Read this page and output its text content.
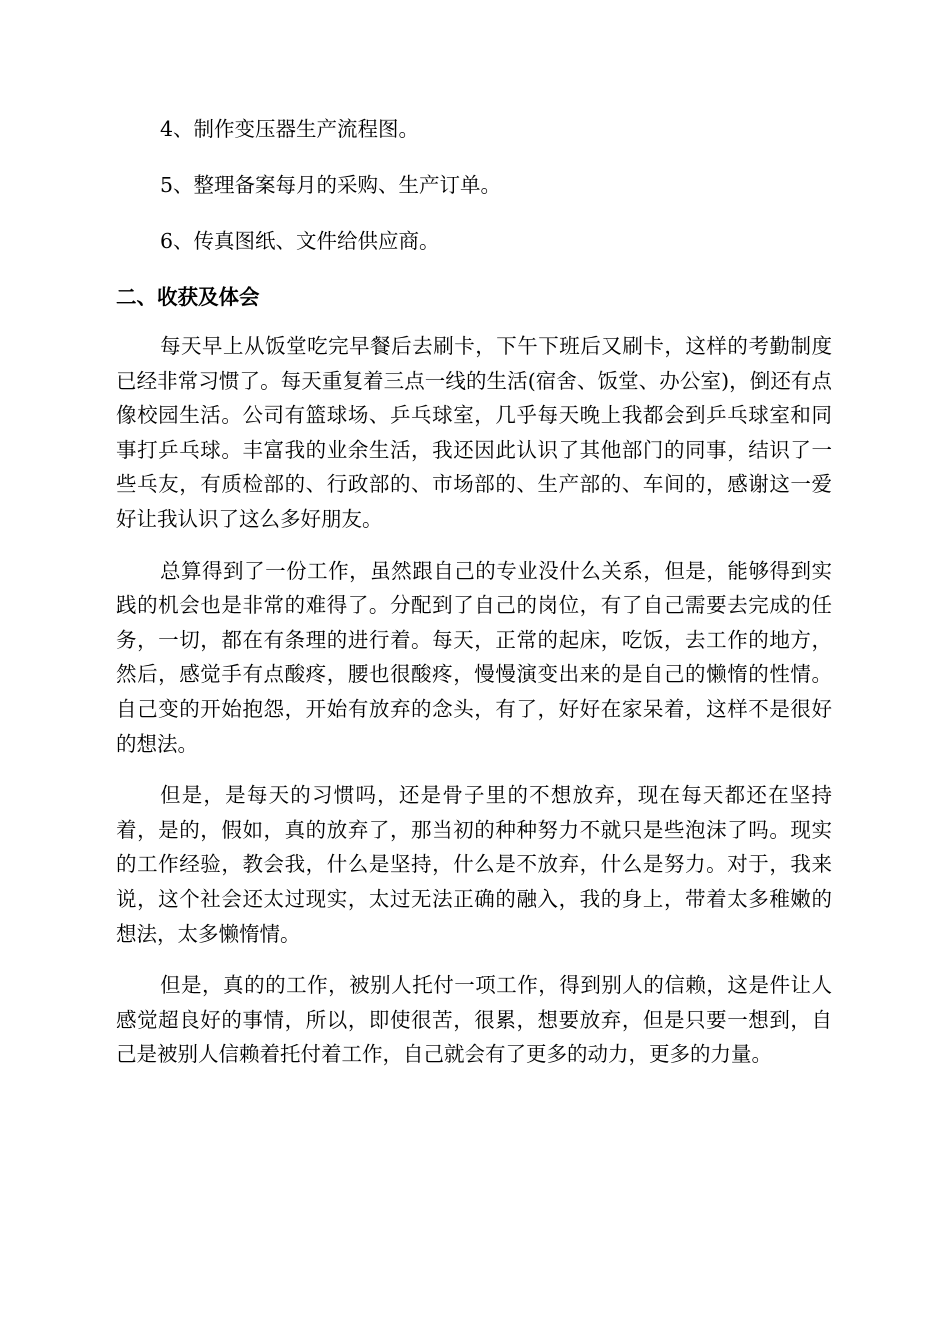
4、制作变压器生产流程图。

5、整理备案每月的采购、生产订单。

6、传真图纸、文件给供应商。

二、收获及体会

每天早上从饭堂吃完早餐后去刷卡，下午下班后又刷卡，这样的考勤制度已经非常习惯了。每天重复着三点一线的生活(宿舍、饭堂、办公室)，倒还有点像校园生活。公司有篮球场、乒乓球室，几乎每天晚上我都会到乒乓球室和同事打乒乓球。丰富我的业余生活，我还因此认识了其他部门的同事，结识了一些乓友，有质检部的、行政部的、市场部的、生产部的、车间的，感谢这一爱好让我认识了这么多好朋友。

总算得到了一份工作，虽然跟自己的专业没什么关系，但是，能够得到实践的机会也是非常的难得了。分配到了自己的岗位，有了自己需要去完成的任务，一切，都在有条理的进行着。每天，正常的起床，吃饭，去工作的地方，然后，感觉手有点酸疼，腰也很酸疼，慢慢演变出来的是自己的懒惰的性情。自己变的开始抱怨，开始有放弃的念头，有了，好好在家呆着，这样不是很好的想法。

但是，是每天的习惯吗，还是骨子里的不想放弃，现在每天都还在坚持着，是的，假如，真的放弃了，那当初的种种努力不就只是些泡沫了吗。现实的工作经验，教会我，什么是坚持，什么是不放弃，什么是努力。对于，我来说，这个社会还太过现实，太过无法正确的融入，我的身上，带着太多稚嫩的想法，太多懒惰情。

但是，真的的工作，被别人托付一项工作，得到别人的信赖，这是件让人感觉超良好的事情，所以，即使很苦，很累，想要放弃，但是只要一想到，自己是被别人信赖着托付着工作，自己就会有了更多的动力，更多的力量。
